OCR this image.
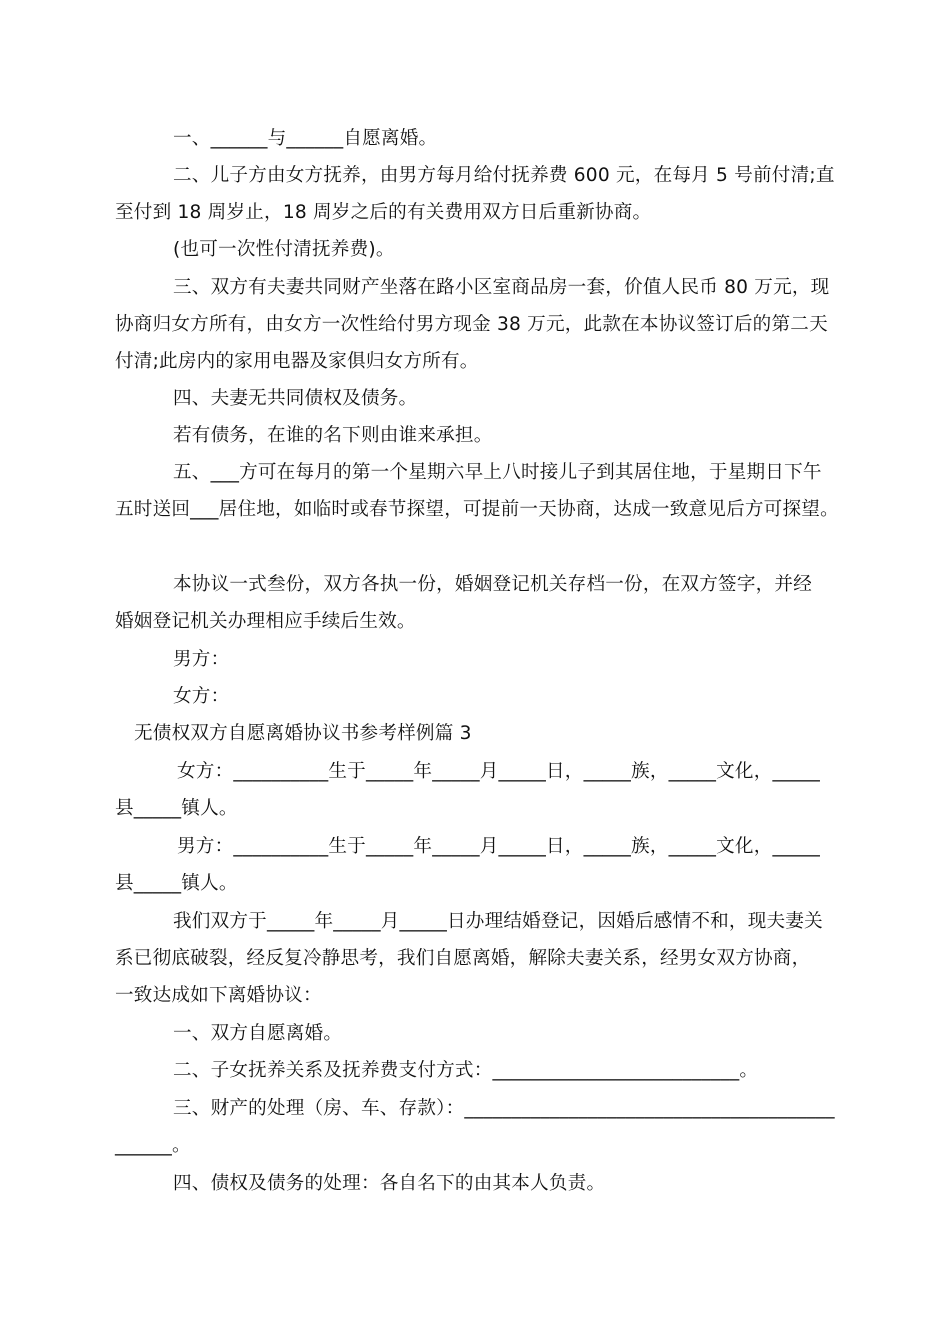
一、______与______自愿离婚。
二、儿子方由女方抚养，由男方每月给付抚养费 600 元，在每月 5 号前付清;直
至付到 18 周岁止，18 周岁之后的有关费用双方日后重新协商。
(也可一次性付清抚养费)。
三、双方有夫妻共同财产坐落在路小区室商品房一套，价值人民币 80 万元，现
协商归女方所有，由女方一次性给付男方现金 38 万元，此款在本协议签订后的第二天
付清;此房内的家用电器及家俱归女方所有。
四、夫妻无共同债权及债务。
若有债务，在谁的名下则由谁来承担。
五、___方可在每月的第一个星期六早上八时接儿子到其居住地，于星期日下午
五时送回___居住地，如临时或春节探望，可提前一天协商，达成一致意见后方可探望。
本协议一式叁份，双方各执一份，婚姻登记机关存档一份，在双方签字，并经
婚姻登记机关办理相应手续后生效。
男方：
女方：
无债权双方自愿离婚协议书参考样例篇 3
女方：__________生于_____年_____月_____日，_____族，_____文化，_____
县_____镇人。
男方：__________生于_____年_____月_____日，_____族，_____文化，_____
县_____镇人。
我们双方于_____年_____月_____日办理结婚登记，因婚后感情不和，现夫妻关
系已彻底破裂，经反复冷静思考，我们自愿离婚，解除夫妻关系，经男女双方协商，
一致达成如下离婚协议：
一、双方自愿离婚。
二、子女抚养关系及抚养费支付方式：__________________________。
三、财产的处理（房、车、存款）：_______________________________________
______。
四、债权及债务的处理：各自名下的由其本人负责。
